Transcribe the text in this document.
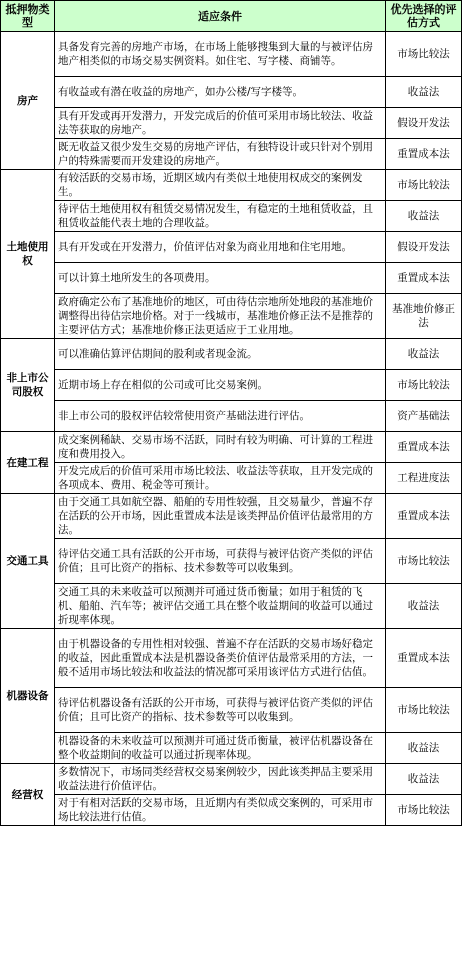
抵押物类型	适应条件	优先选择的评估方式
房产	具备发育完善的房地产市场，在市场上能够搜集到大量的与被评估房地产相类似的市场交易实例资料。如住宅、写字楼、商铺等。	市场比较法
	有收益或有潜在收益的房地产，如办公楼/写字楼等。	收益法
	具有开发或再开发潜力，开发完成后的价值可采用市场比较法、收益法等获取的房地产。	假设开发法
	既无收益又很少发生交易的房地产评估，有独特设计或只针对个别用户的特殊需要而开发建设的房地产。	重置成本法
土地使用权	有较活跃的交易市场，近期区域内有类似土地使用权成交的案例发生。	市场比较法
	待评估土地使用权有租赁交易情况发生，有稳定的土地租赁收益，且租赁收益能代表土地的合理收益。	收益法
	具有开发或在开发潜力，价值评估对象为商业用地和住宅用地。	假设开发法
	可以计算土地所发生的各项费用。	重置成本法
	政府确定公布了基准地价的地区，可由待估宗地所处地段的基准地价调整得出待估宗地价格。对于一线城市，基准地价修正法不是推荐的主要评估方式；基准地价修正法更适应于工业用地。	基准地价修正法
非上市公司股权	可以准确估算评估期间的股利或者现金流。	收益法
	近期市场上存在相似的公司或可比交易案例。	市场比较法
	非上市公司的股权评估较常使用资产基础法进行评估。	资产基础法
在建工程	成交案例稀缺、交易市场不活跃，同时有较为明确、可计算的工程进度和费用投入。	重置成本法
	开发完成后的价值可采用市场比较法、收益法等获取，且开发完成的各项成本、费用、税金等可预计。	工程进度法
交通工具	由于交通工具如航空器、船舶的专用性较强，且交易量少，普遍不存在活跃的公开市场，因此重置成本法是该类押品价值评估最常用的方法。	重置成本法
	待评估交通工具有活跃的公开市场，可获得与被评估资产类似的评估价值；且可比资产的指标、技术参数等可以收集到。	市场比较法
	交通工具的未来收益可以预测并可通过货币衡量；如用于租赁的飞机、船舶、汽车等；被评估交通工具在整个收益期间的收益可以通过折现率体现。	收益法
机器设备	由于机器设备的专用性相对较强、普遍不存在活跃的交易市场好稳定的收益，因此重置成本法是机器设备类价值评估最常采用的方法，一般不适用市场比较法和收益法的情况都可采用该评估方式进行估值。	重置成本法
	待评估机器设备有活跃的公开市场，可获得与被评估资产类似的评估价值；且可比资产的指标、技术参数等可以收集到。	市场比较法
	机器设备的未来收益可以预测并可通过货币衡量，被评估机器设备在整个收益期间的收益可以通过折现率体现。	收益法
经营权	多数情况下，市场同类经营权交易案例较少，因此该类押品主要采用收益法进行价值评估。	收益法
	对于有相对活跃的交易市场，且近期内有类似成交案例的，可采用市场比较法进行估值。	市场比较法
